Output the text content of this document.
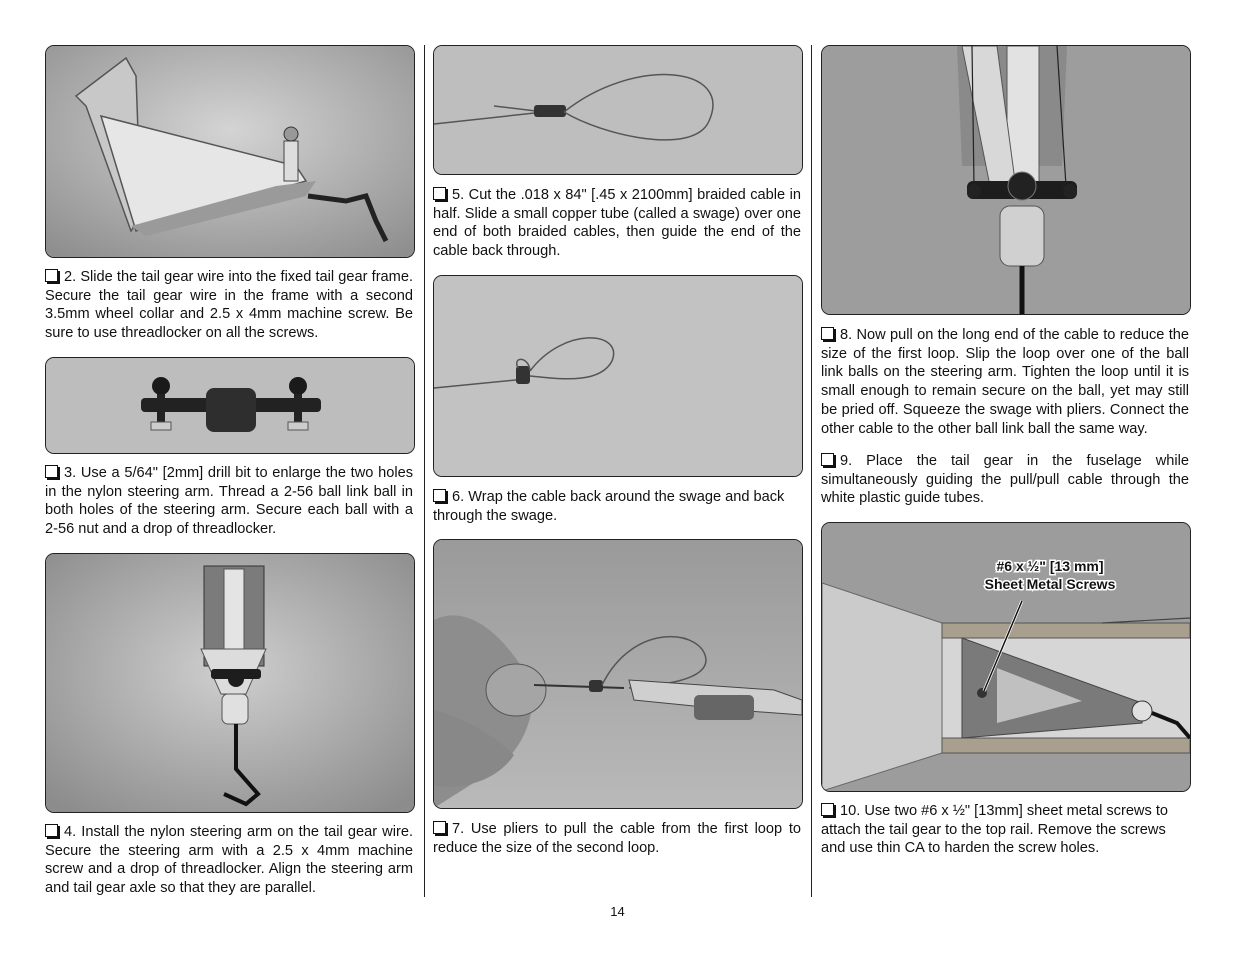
2. Slide the tail gear wire into the fixed tail gear frame. Secure the tail gear wire in the frame with a second 3.5mm wheel collar and 2.5 x 4mm machine screw. Be sure to use threadlocker on all the screws.

3. Use a 5/64" [2mm] drill bit to enlarge the two holes in the nylon steering arm. Thread a 2-56 ball link ball in both holes of the steering arm. Secure each ball with a 2-56 nut and a drop of threadlocker.

4. Install the nylon steering arm on the tail gear wire. Secure the steering arm with a 2.5 x 4mm machine screw and a drop of threadlocker. Align the steering arm and tail gear axle so that they are parallel.

5. Cut the .018 x 84" [.45 x 2100mm] braided cable in half. Slide a small copper tube (called a swage) over one end of both braided cables, then guide the end of the cable back through.

6. Wrap the cable back around the swage and back through the swage.

7. Use pliers to pull the cable from the first loop to reduce the size of the second loop.

8. Now pull on the long end of the cable to reduce the size of the first loop. Slip the loop over one of the ball link balls on the steering arm. Tighten the loop until it is small enough to remain secure on the ball, yet may still be pried off. Squeeze the swage with pliers. Connect the other cable to the other ball link ball the same way.

9. Place the tail gear in the fuselage while simultaneously guiding the pull/pull cable through the white plastic guide tubes.

#6 x ½" [13 mm]
Sheet Metal Screws

10. Use two #6 x ½" [13mm] sheet metal screws to attach the tail gear to the top rail. Remove the screws and use thin CA to harden the screw holes.

14
